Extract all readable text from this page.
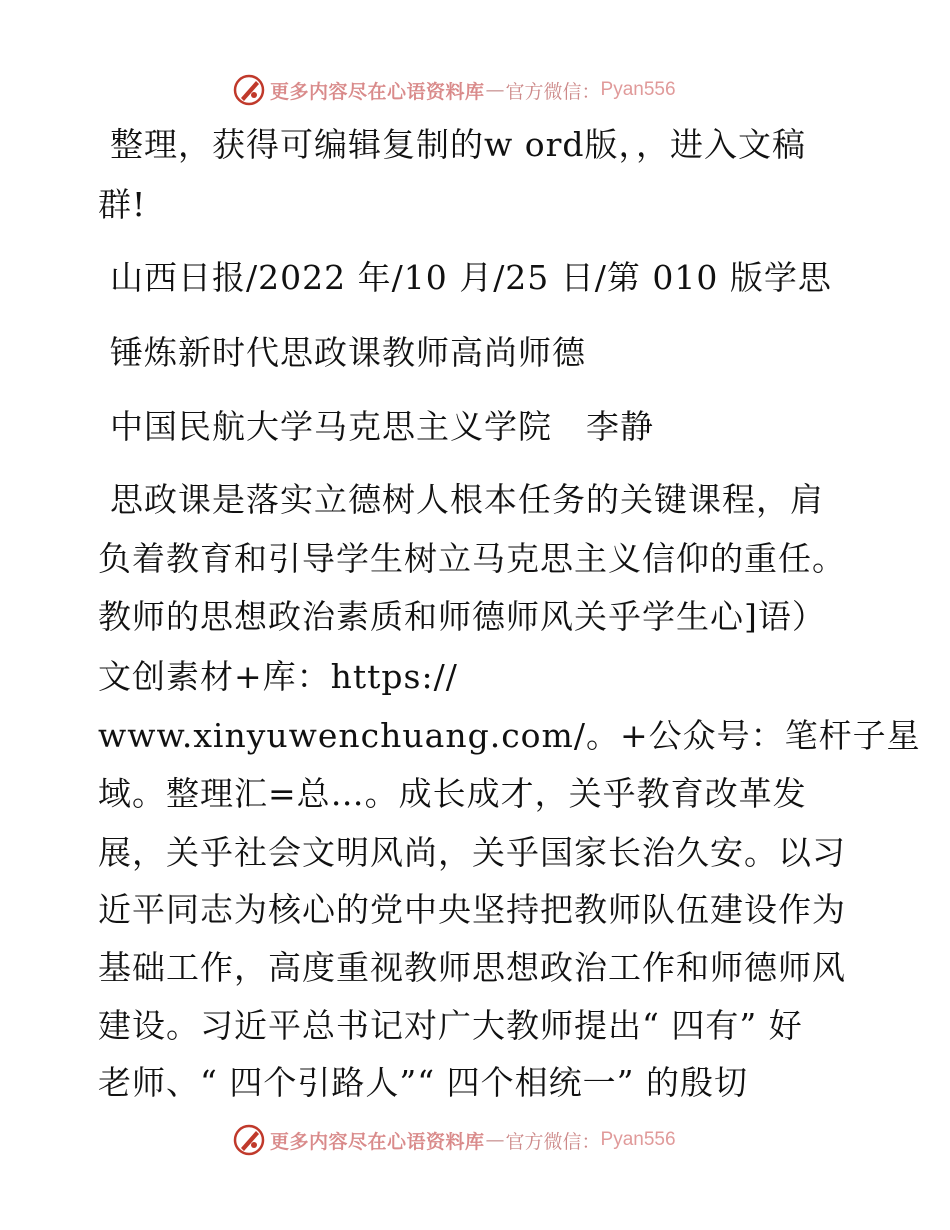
更多内容尽在心语资料库 — 官方微信： Pyan556
整理，获得可编辑复制的w ord版，，进入文稿
群!
山西日报/2022 年/10 月/25 日/第 010 版学思
锤炼新时代思政课教师高尚师德
中国民航大学马克思主义学院　李静
思政课是落实立德树人根本任务的关键课程，肩
负着教育和引导学生树立马克思主义信仰的重任。
教师的思想政治素质和师德师风关乎学生心]语）
文创素材+库：https://
www.xinyuwenchuang.com/。+公众号：笔杆子星
域。整理汇=总…。成长成才，关乎教育改革发
展，关乎社会文明风尚，关乎国家长治久安。以习
近平同志为核心的党中央坚持把教师队伍建设作为
基础工作，高度重视教师思想政治工作和师德师风
建设。习近平总书记对广大教师提出“ 四有” 好
老师、“ 四个引路人”“ 四个相统一” 的殷切
更多内容尽在心语资料库 — 官方微信： Pyan556
